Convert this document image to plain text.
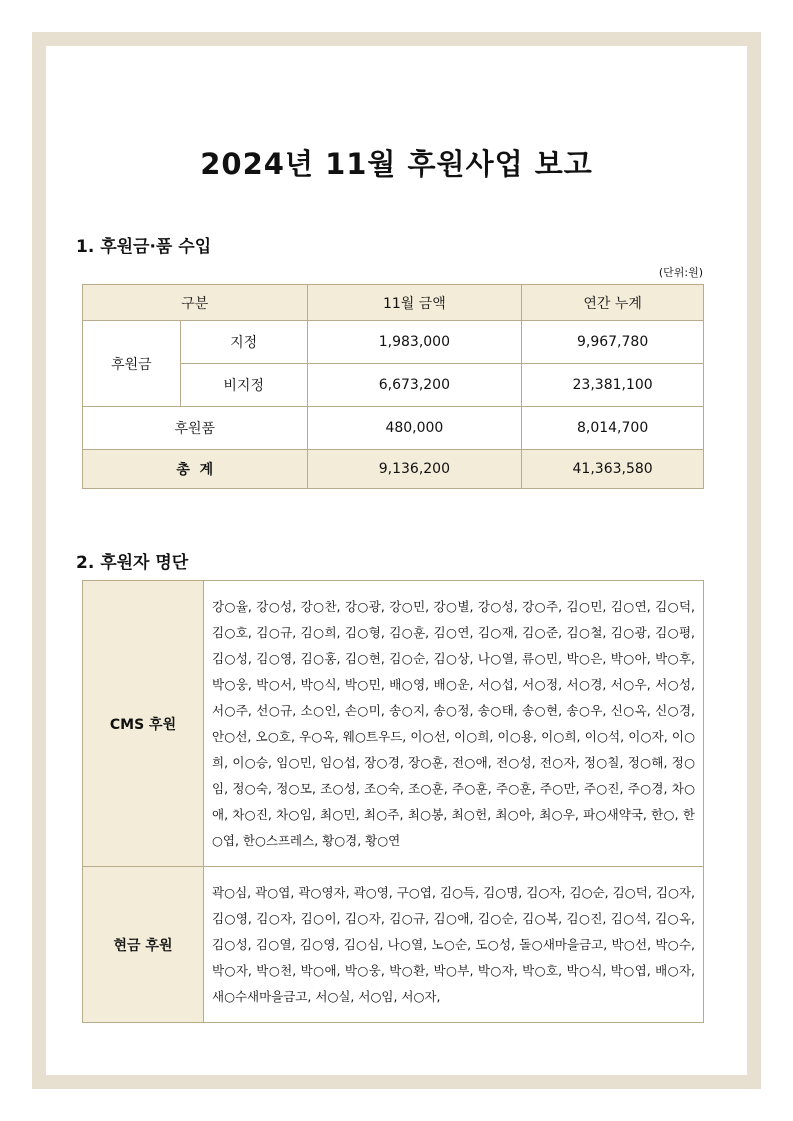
2024년 11월 후원사업 보고
1. 후원금·품 수입
(단위:원)
구분		11월 금액	연간 누계
후원금	지정	1,983,000	9,967,780
	비지정	6,673,200	23,381,100
후원품		480,000	8,014,700
총  계		9,136,200	41,363,580
2. 후원자 명단
CMS 후원	강○율, 강○성, 강○찬, 강○광, 강○민, 강○별, 강○성, 강○주, 김○민, 김○연, 김○덕, 김○호, 김○규, 김○희, 김○형, 김○훈, 김○연, 김○재, 김○준, 김○철, 김○광, 김○평, 김○성, 김○영, 김○홍, 김○현, 김○순, 김○상, 나○열, 류○민, 박○은, 박○아, 박○후, 박○웅, 박○서, 박○식, 박○민, 배○영, 배○운, 서○섭, 서○정, 서○경, 서○우, 서○성, 서○주, 선○규, 소○인, 손○미, 송○지, 송○정, 송○태, 송○현, 송○우, 신○옥, 신○경, 안○선, 오○호, 우○옥, 웨○트우드, 이○선, 이○희, 이○용, 이○희, 이○석, 이○자, 이○희, 이○승, 임○민, 임○섭, 장○경, 장○훈, 전○애, 전○성, 전○자, 정○칠, 정○해, 정○임, 정○숙, 정○모, 조○성, 조○숙, 조○훈, 주○훈, 주○훈, 주○만, 주○진, 주○경, 차○애, 차○진, 차○임, 최○민, 최○주, 최○봉, 최○헌, 최○아, 최○우, 파○새약국, 한○, 한○엽, 한○스프레스, 황○경, 황○연
현금 후원	곽○심, 곽○엽, 곽○영자, 곽○영, 구○엽, 김○득, 김○명, 김○자, 김○순, 김○덕, 김○자, 김○영, 김○자, 김○이, 김○자, 김○규, 김○애, 김○순, 김○복, 김○진, 김○석, 김○옥, 김○성, 김○열, 김○영, 김○심, 나○열, 노○순, 도○성, 돌○새마을금고, 박○선, 박○수, 박○자, 박○천, 박○애, 박○웅, 박○환, 박○부, 박○자, 박○호, 박○식, 박○엽, 배○자, 새○수새마을금고, 서○실, 서○임, 서○자,
